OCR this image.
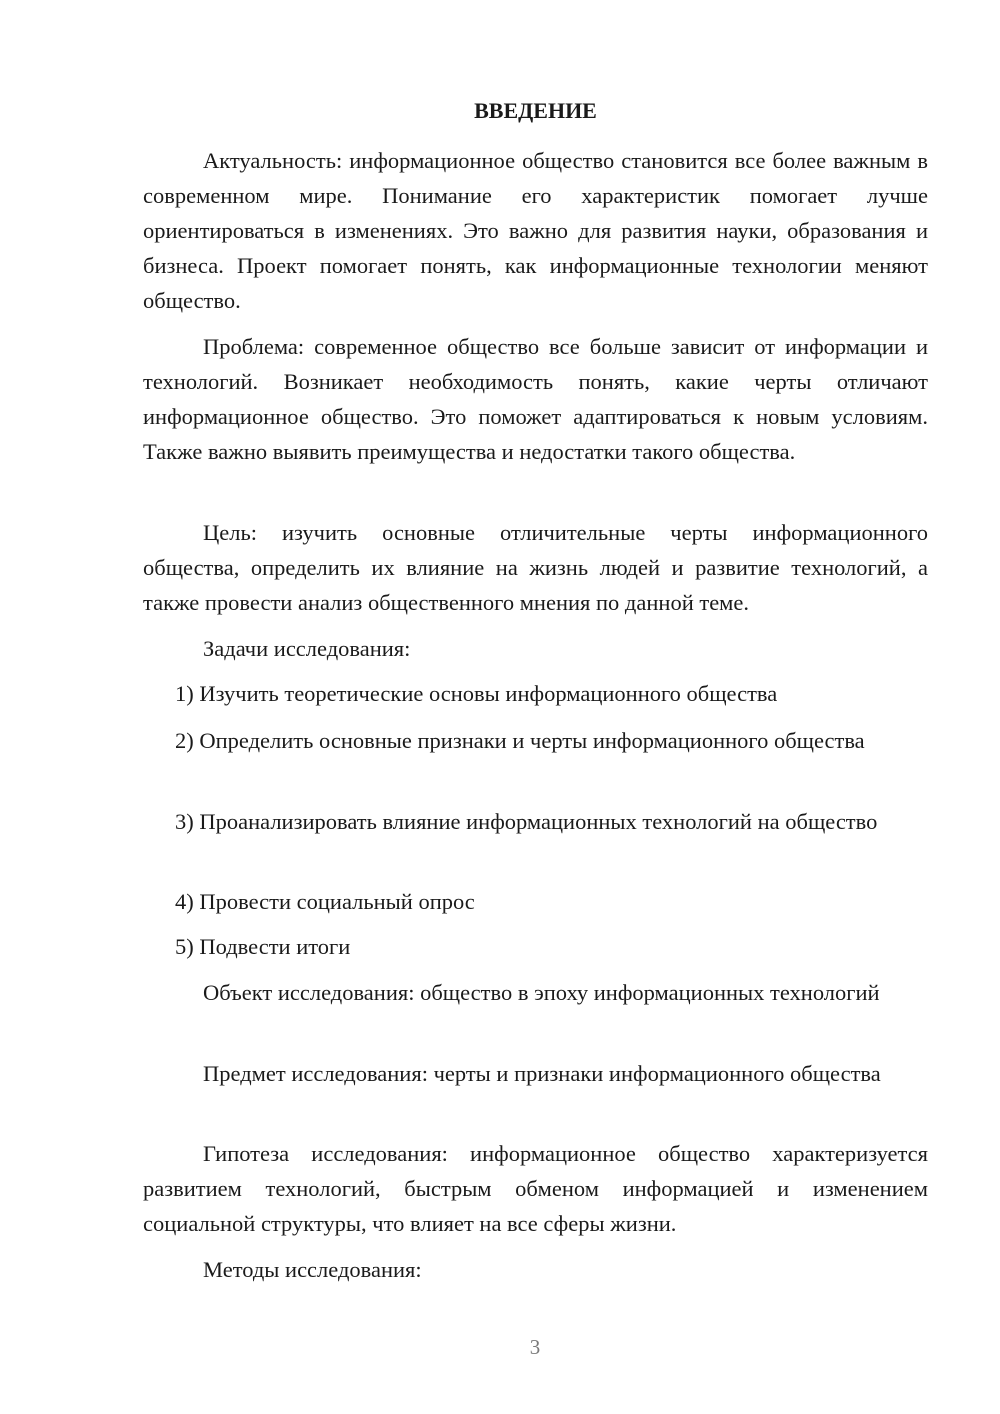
ВВЕДЕНИЕ

Актуальность: информационное общество становится все более важным в современном мире. Понимание его характеристик помогает лучше ориентироваться в изменениях. Это важно для развития науки, образования и бизнеса. Проект помогает понять, как информационные технологии меняют общество.

Проблема: современное общество все больше зависит от информации и технологий. Возникает необходимость понять, какие черты отличают информационное общество. Это поможет адаптироваться к новым условиям. Также важно выявить преимущества и недостатки такого общества.

Цель: изучить основные отличительные черты информационного общества, определить их влияние на жизнь людей и развитие технологий, а также провести анализ общественного мнения по данной теме.

Задачи исследования:

1) Изучить теоретические основы информационного общества

2) Определить основные признаки и черты информационного общества

3) Проанализировать влияние информационных технологий на общество

4) Провести социальный опрос

5) Подвести итоги

Объект исследования: общество в эпоху информационных технологий

Предмет исследования: черты и признаки информационного общества

Гипотеза исследования: информационное общество характеризуется развитием технологий, быстрым обменом информацией и изменением социальной структуры, что влияет на все сферы жизни.

Методы исследования:

3
